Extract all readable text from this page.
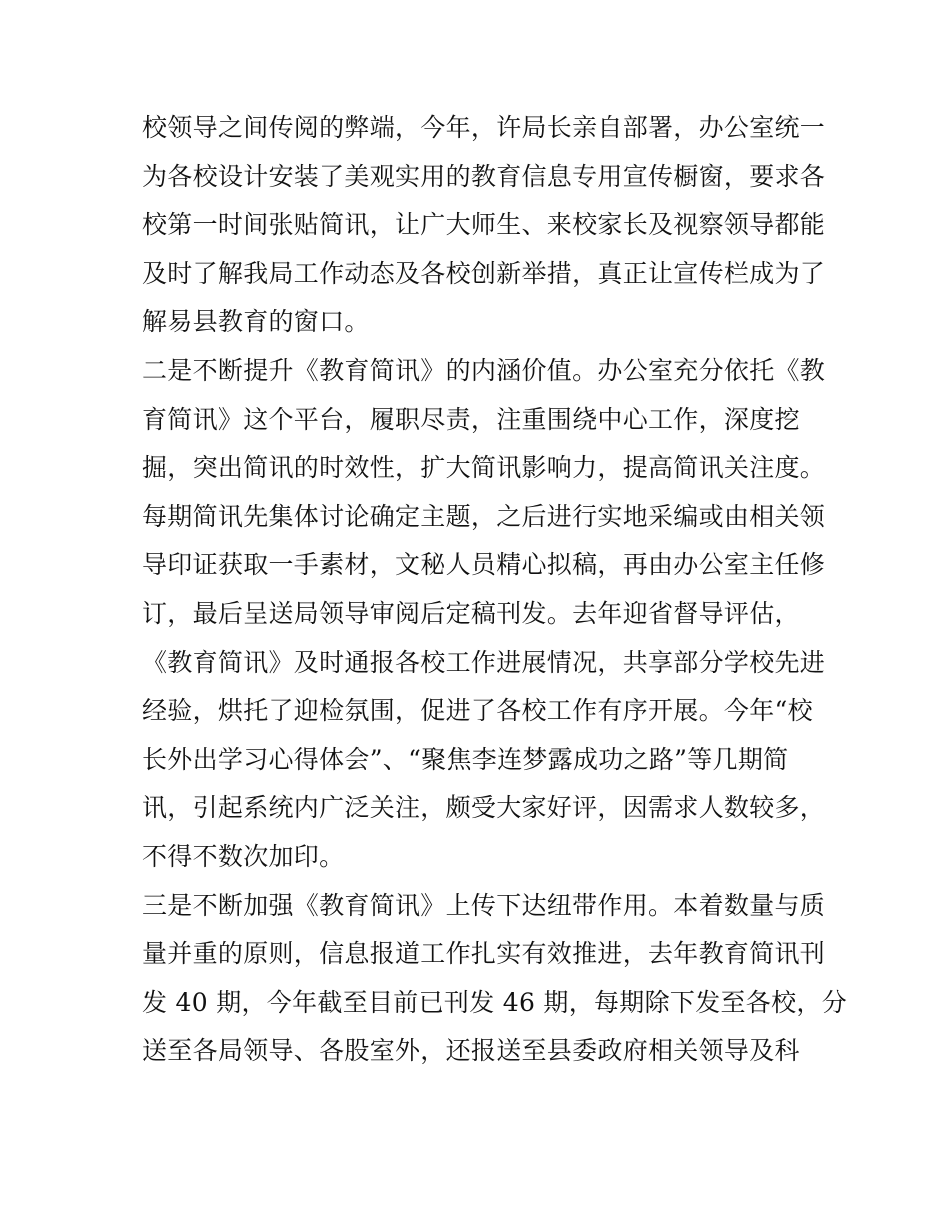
校领导之间传阅的弊端，今年，许局长亲自部署，办公室统一
为各校设计安装了美观实用的教育信息专用宣传橱窗，要求各
校第一时间张贴简讯，让广大师生、来校家长及视察领导都能
及时了解我局工作动态及各校创新举措，真正让宣传栏成为了
解易县教育的窗口。
二是不断提升《教育简讯》的内涵价值。办公室充分依托《教
育简讯》这个平台，履职尽责，注重围绕中心工作，深度挖
掘，突出简讯的时效性，扩大简讯影响力，提高简讯关注度。
每期简讯先集体讨论确定主题，之后进行实地采编或由相关领
导印证获取一手素材，文秘人员精心拟稿，再由办公室主任修
订，最后呈送局领导审阅后定稿刊发。去年迎省督导评估，
《教育简讯》及时通报各校工作进展情况，共享部分学校先进
经验，烘托了迎检氛围，促进了各校工作有序开展。今年“校
长外出学习心得体会”、“聚焦李连梦露成功之路”等几期简
讯，引起系统内广泛关注，颇受大家好评，因需求人数较多，
不得不数次加印。
三是不断加强《教育简讯》上传下达纽带作用。本着数量与质
量并重的原则，信息报道工作扎实有效推进，去年教育简讯刊
发 40 期，今年截至目前已刊发 46 期，每期除下发至各校，分
送至各局领导、各股室外，还报送至县委政府相关领导及科
